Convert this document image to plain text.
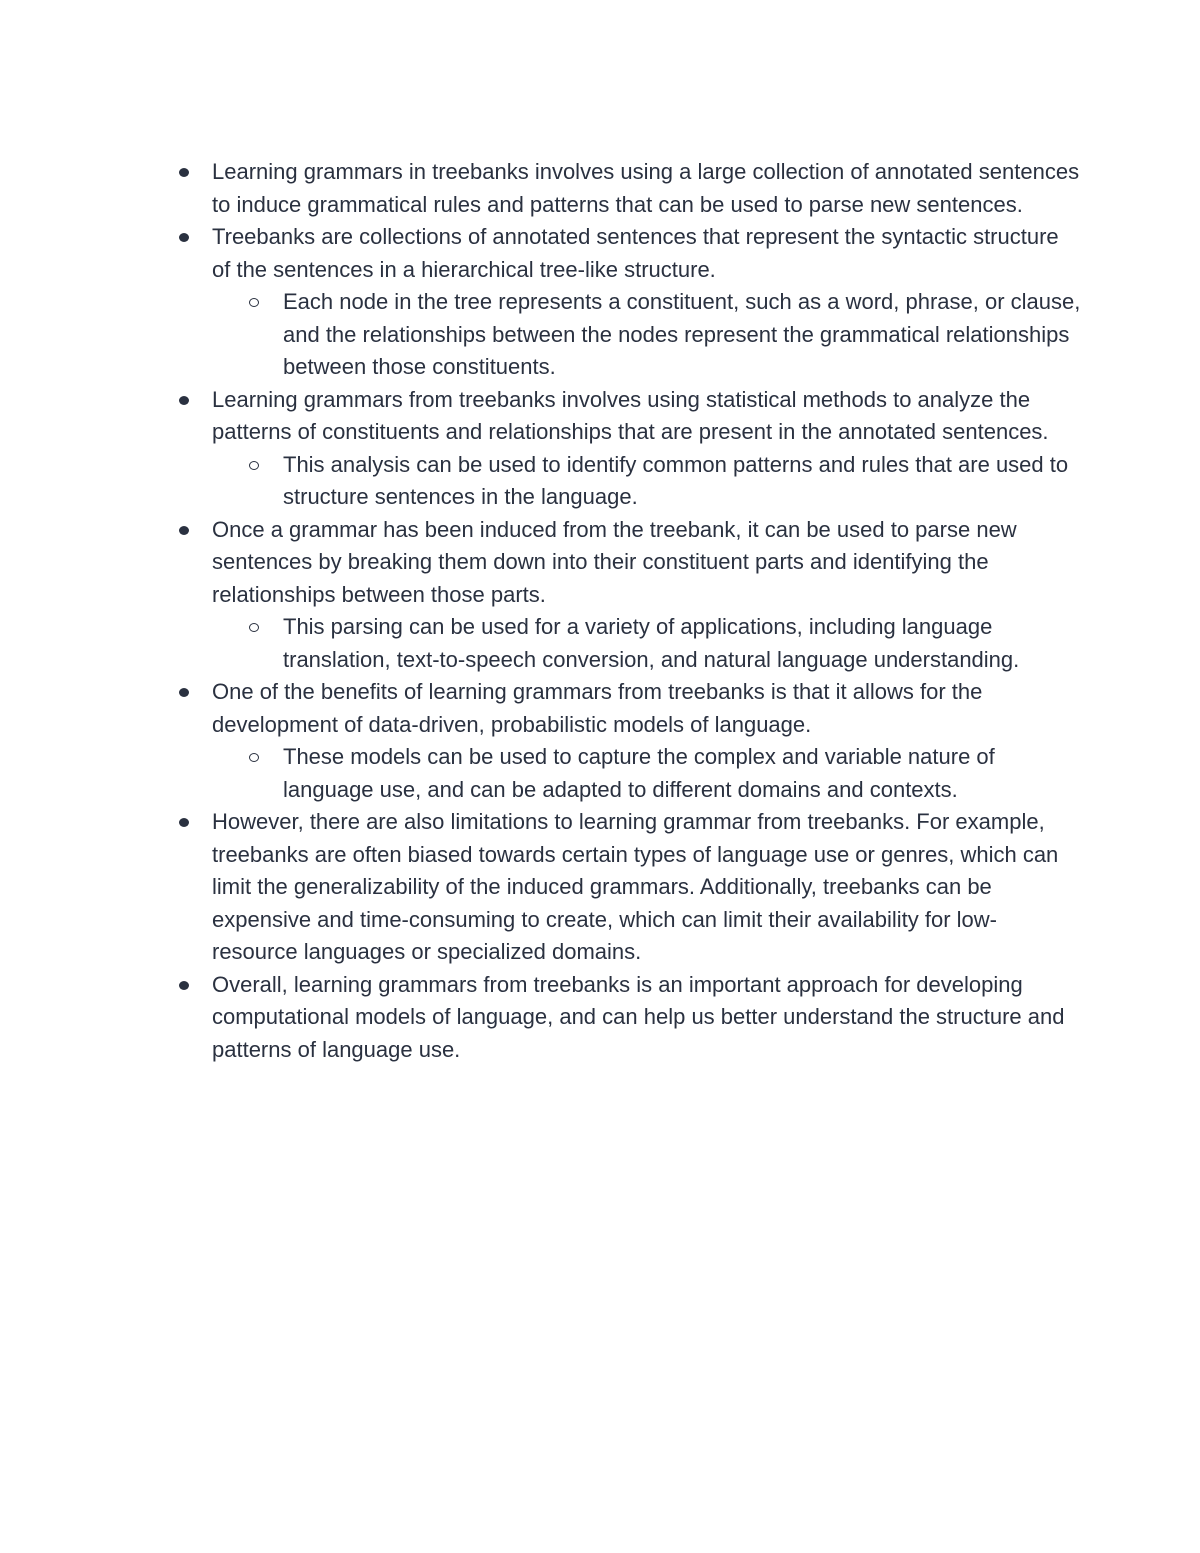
Learning grammars in treebanks involves using a large collection of annotated sentences to induce grammatical rules and patterns that can be used to parse new sentences.
Treebanks are collections of annotated sentences that represent the syntactic structure of the sentences in a hierarchical tree-like structure.
Each node in the tree represents a constituent, such as a word, phrase, or clause, and the relationships between the nodes represent the grammatical relationships between those constituents.
Learning grammars from treebanks involves using statistical methods to analyze the patterns of constituents and relationships that are present in the annotated sentences.
This analysis can be used to identify common patterns and rules that are used to structure sentences in the language.
Once a grammar has been induced from the treebank, it can be used to parse new sentences by breaking them down into their constituent parts and identifying the relationships between those parts.
This parsing can be used for a variety of applications, including language translation, text-to-speech conversion, and natural language understanding.
One of the benefits of learning grammars from treebanks is that it allows for the development of data-driven, probabilistic models of language.
These models can be used to capture the complex and variable nature of language use, and can be adapted to different domains and contexts.
However, there are also limitations to learning grammar from treebanks. For example, treebanks are often biased towards certain types of language use or genres, which can limit the generalizability of the induced grammars. Additionally, treebanks can be expensive and time-consuming to create, which can limit their availability for low-resource languages or specialized domains.
Overall, learning grammars from treebanks is an important approach for developing computational models of language, and can help us better understand the structure and patterns of language use.
